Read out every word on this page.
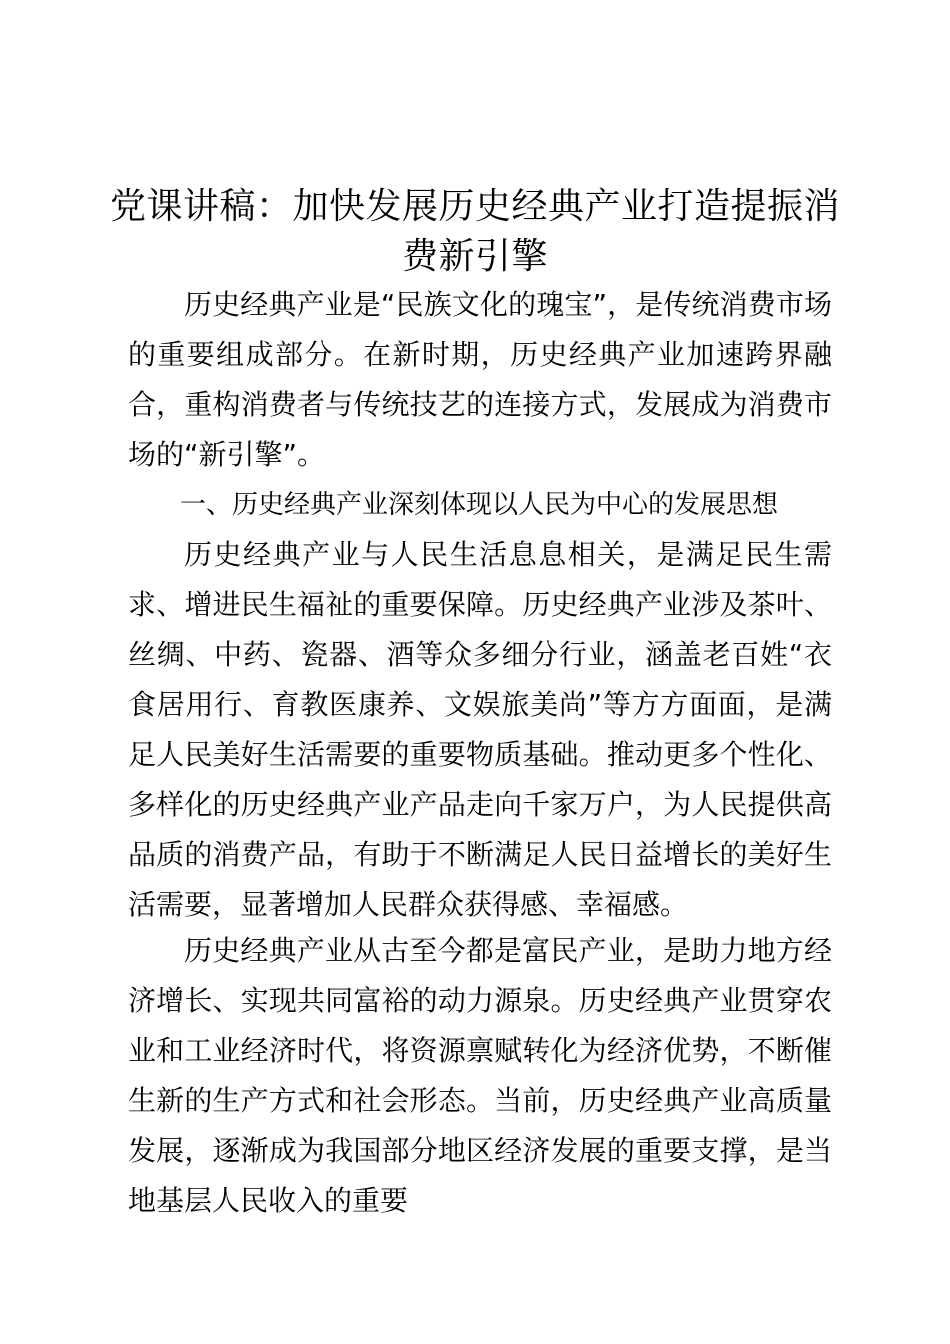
党课讲稿：加快发展历史经典产业打造提振消费新引擎

历史经典产业是“民族文化的瑰宝”，是传统消费市场的重要组成部分。在新时期，历史经典产业加速跨界融合，重构消费者与传统技艺的连接方式，发展成为消费市场的“新引擎”。

一、历史经典产业深刻体现以人民为中心的发展思想

历史经典产业与人民生活息息相关，是满足民生需求、增进民生福祉的重要保障。历史经典产业涉及茶叶、丝绸、中药、瓷器、酒等众多细分行业，涵盖老百姓“衣食居用行、育教医康养、文娱旅美尚”等方方面面，是满足人民美好生活需要的重要物质基础。推动更多个性化、多样化的历史经典产业产品走向千家万户，为人民提供高品质的消费产品，有助于不断满足人民日益增长的美好生活需要，显著增加人民群众获得感、幸福感。

历史经典产业从古至今都是富民产业，是助力地方经济增长、实现共同富裕的动力源泉。历史经典产业贯穿农业和工业经济时代，将资源禀赋转化为经济优势，不断催生新的生产方式和社会形态。当前，历史经典产业高质量发展，逐渐成为我国部分地区经济发展的重要支撑，是当地基层人民收入的重要
